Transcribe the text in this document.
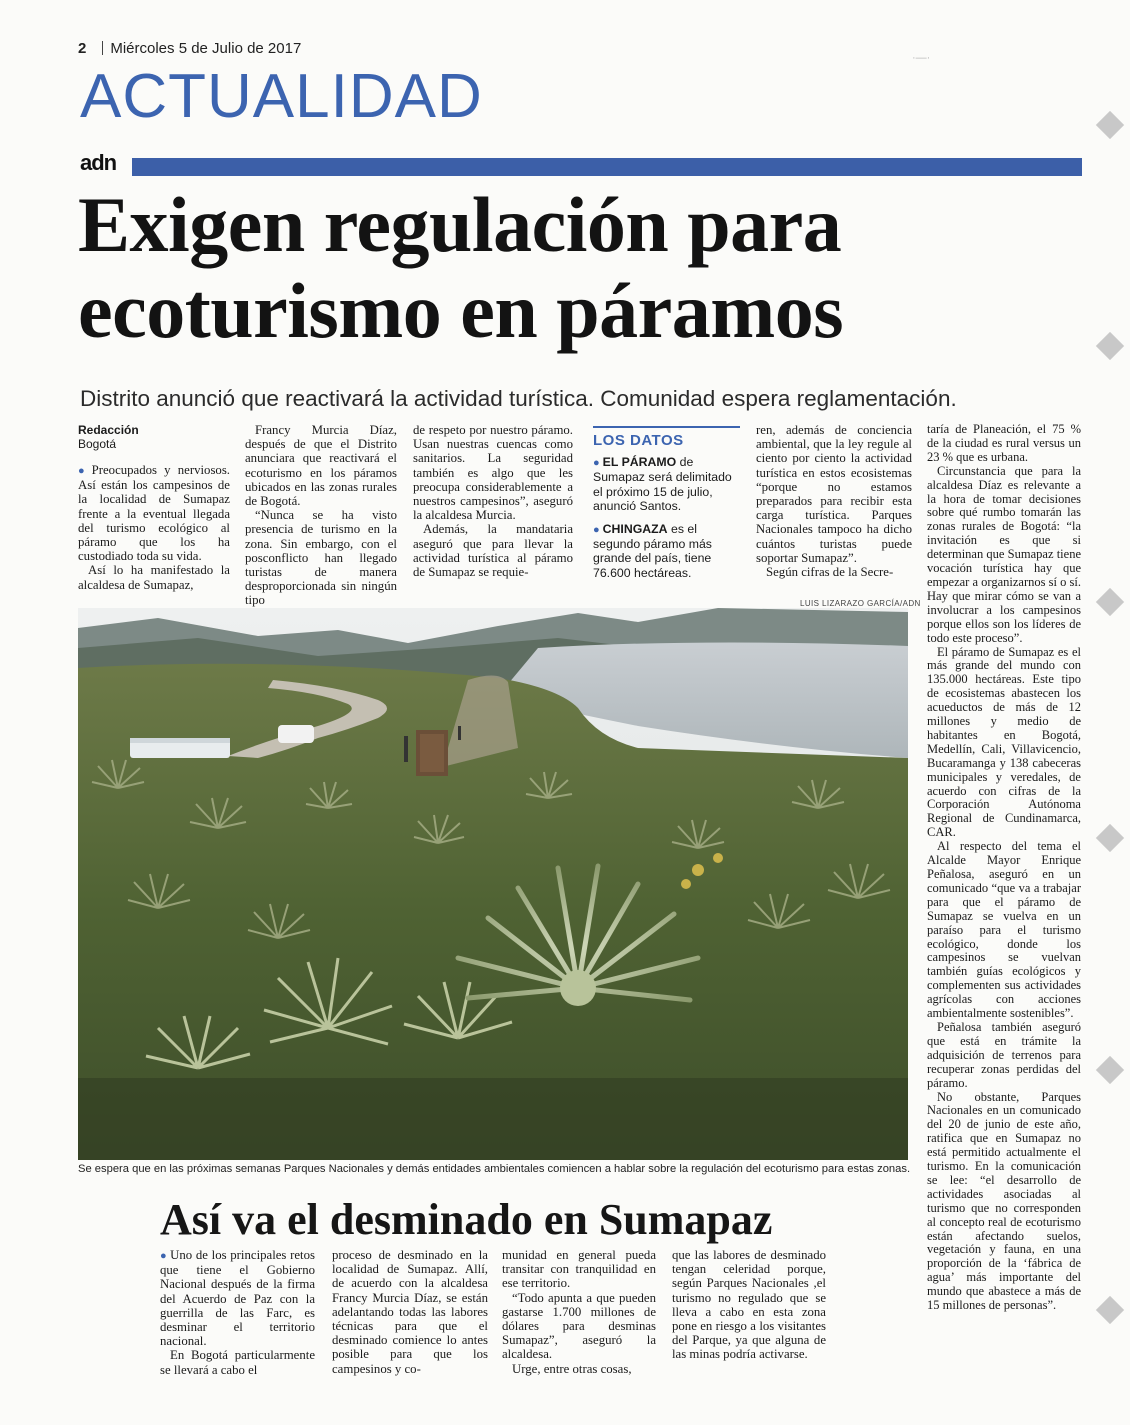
2 Miércoles 5 de Julio de 2017
·—·
ACTUALIDAD
adn
Exigen regulación para
ecoturismo en páramos
Distrito anunció que reactivará la actividad turística. Comunidad espera reglamentación.
Redacción
Bogotá

● Preocupados y nerviosos. Así están los campesinos de la localidad de Sumapaz frente a la eventual llegada del turismo ecológico al páramo que los ha custodiado toda su vida.

Así lo ha manifestado la alcaldesa de Sumapaz,

Francy Murcia Díaz, después de que el Distrito anunciara que reactivará el ecoturismo en los páramos ubicados en las zonas rurales de Bogotá.

“Nunca se ha visto presencia de turismo en la zona. Sin embargo, con el posconflicto han llegado turistas de manera desproporcionada sin ningún tipo

de respeto por nuestro páramo. Usan nuestras cuencas como sanitarios. La seguridad también es algo que les preocupa considerablemente a nuestros campesinos”, aseguró la alcaldesa Murcia.

Además, la mandataria aseguró que para llevar la actividad turística al páramo de Sumapaz se requie-

LOS DATOS

● EL PÁRAMO de Sumapaz será delimitado el próximo 15 de julio, anunció Santos.

● CHINGAZA es el segundo páramo más grande del país, tiene 76.600 hectáreas.

ren, además de conciencia ambiental, que la ley regule al ciento por ciento la actividad turística en estos ecosistemas “porque no estamos preparados para recibir esta carga turística. Parques Nacionales tampoco ha dicho cuántos turistas puede soportar Sumapaz”.

Según cifras de la Secre-

taría de Planeación, el 75 % de la ciudad es rural versus un 23 % que es urbana.

Circunstancia que para la alcaldesa Díaz es relevante a la hora de tomar decisiones sobre qué rumbo tomarán las zonas rurales de Bogotá: “la invitación es que si determinan que Sumapaz tiene vocación turística hay que empezar a organizarnos sí o sí. Hay que mirar cómo se van a involucrar a los campesinos porque ellos son los líderes de todo este proceso”.

El páramo de Sumapaz es el más grande del mundo con 135.000 hectáreas. Este tipo de ecosistemas abastecen los acueductos de más de 12 millones y medio de habitantes en Bogotá, Medellín, Cali, Villavicencio, Bucaramanga y 138 cabeceras municipales y veredales, de acuerdo con cifras de la Corporación Autónoma Regional de Cundinamarca, CAR.

Al respecto del tema el Alcalde Mayor Enrique Peñalosa, aseguró en un comunicado “que va a trabajar para que el páramo de Sumapaz se vuelva en un paraíso para el turismo ecológico, donde los campesinos se vuelvan también guías ecológicos y complementen sus actividades agrícolas con acciones ambientalmente sostenibles”.

Peñalosa también aseguró que está en trámite la adquisición de terrenos para recuperar zonas perdidas del páramo.

No obstante, Parques Nacionales en un comunicado del 20 de junio de este año, ratifica que en Sumapaz no está permitido actualmente el turismo. En la comunicación se lee: “el desarrollo de actividades asociadas al turismo que no corresponden al concepto real de ecoturismo están afectando suelos, vegetación y fauna, en una proporción de la ‘fábrica de agua’ más importante del mundo que abastece a más de 15 millones de personas”.

LUIS LIZARAZO GARCÍA/ADN
Se espera que en las próximas semanas Parques Nacionales y demás entidades ambientales comiencen a hablar sobre la regulación del ecoturismo para estas zonas.
Así va el desminado en Sumapaz

● Uno de los principales retos que tiene el Gobierno Nacional después de la firma del Acuerdo de Paz con la guerrilla de las Farc, es desminar el territorio nacional.

En Bogotá particularmente se llevará a cabo el

proceso de desminado en la localidad de Sumapaz. Allí, de acuerdo con la alcaldesa Francy Murcia Díaz, se están adelantando todas las labores técnicas para que el desminado comience lo antes posible para que los campesinos y co-

munidad en general pueda transitar con tranquilidad en ese territorio.

“Todo apunta a que pueden gastarse 1.700 millones de dólares para desminas Sumapaz”, aseguró la alcaldesa.

Urge, entre otras cosas,

que las labores de desminado tengan celeridad porque, según Parques Nacionales ,el turismo no regulado que se lleva a cabo en esta zona pone en riesgo a los visitantes del Parque, ya que alguna de las minas podría activarse.
